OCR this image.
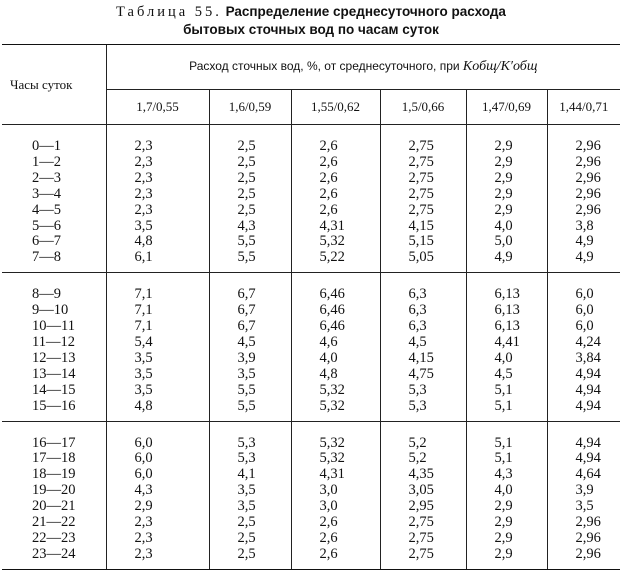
Таблица 55. Распределение среднесуточного расхода
бытовых сточных вод по часам суток
Часы суток	Расход сточных вод, %, от среднесуточного, при Kобщ/K′общ					
	1,7/0,55	1,6/0,59	1,55/0,62	1,5/0,66	1,47/0,69	1,44/0,71
0—1	2,3	2,5	2,6	2,75	2,9	2,96
1—2	2,3	2,5	2,6	2,75	2,9	2,96
2—3	2,3	2,5	2,6	2,75	2,9	2,96
3—4	2,3	2,5	2,6	2,75	2,9	2,96
4—5	2,3	2,5	2,6	2,75	2,9	2,96
5—6	3,5	4,3	4,31	4,15	4,0	3,8
6—7	4,8	5,5	5,32	5,15	5,0	4,9
7—8	6,1	5,5	5,22	5,05	4,9	4,9
8—9	7,1	6,7	6,46	6,3	6,13	6,0
9—10	7,1	6,7	6,46	6,3	6,13	6,0
10—11	7,1	6,7	6,46	6,3	6,13	6,0
11—12	5,4	4,5	4,6	4,5	4,41	4,24
12—13	3,5	3,9	4,0	4,15	4,0	3,84
13—14	3,5	3,5	4,8	4,75	4,5	4,94
14—15	3,5	5,5	5,32	5,3	5,1	4,94
15—16	4,8	5,5	5,32	5,3	5,1	4,94
16—17	6,0	5,3	5,32	5,2	5,1	4,94
17—18	6,0	5,3	5,32	5,2	5,1	4,94
18—19	6,0	4,1	4,31	4,35	4,3	4,64
19—20	4,3	3,5	3,0	3,05	4,0	3,9
20—21	2,9	3,5	3,0	2,95	2,9	3,5
21—22	2,3	2,5	2,6	2,75	2,9	2,96
22—23	2,3	2,5	2,6	2,75	2,9	2,96
23—24	2,3	2,5	2,6	2,75	2,9	2,96
